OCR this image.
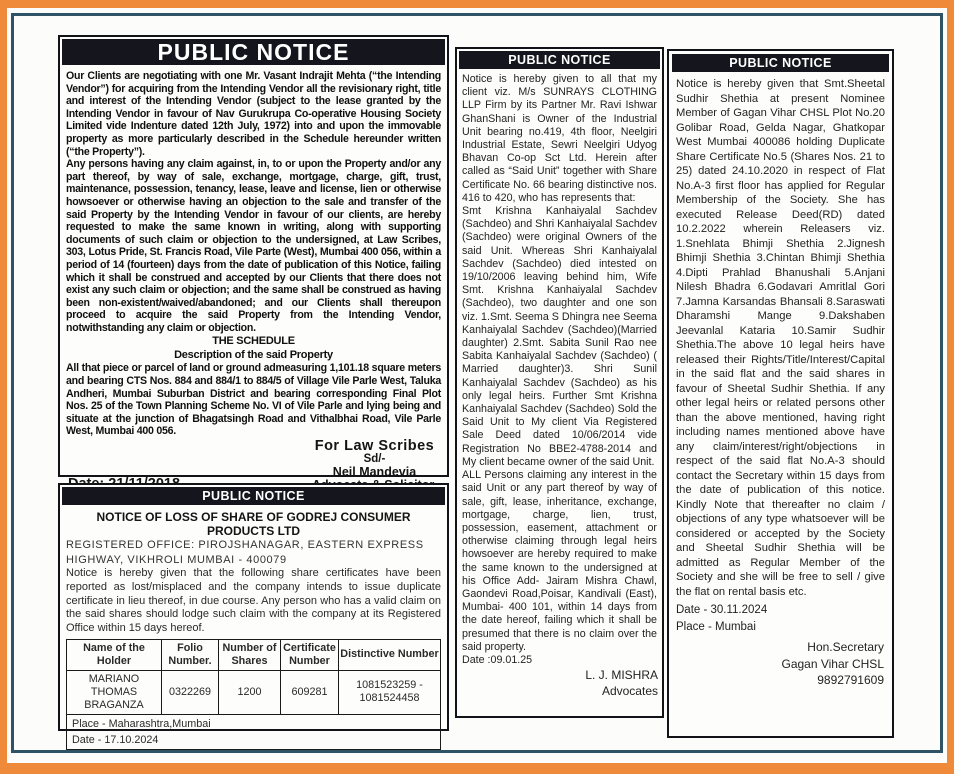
PUBLIC NOTICE

Our Clients are negotiating with one Mr. Vasant Indrajit Mehta (“the Intending Vendor”) for acquiring from the Intending Vendor all the revisionary right, title and interest of the Intending Vendor (subject to the lease granted by the Intending Vendor in favour of Nav Gurukrupa Co-operative Housing Society Limited vide Indenture dated 12th July, 1972) into and upon the immovable property as more particularly described in the Schedule hereunder written (“the Property”).

Any persons having any claim against, in, to or upon the Property and/or any part thereof, by way of sale, exchange, mortgage, charge, gift, trust, maintenance, possession, tenancy, lease, leave and license, lien or otherwise howsoever or otherwise having an objection to the sale and transfer of the said Property by the Intending Vendor in favour of our clients, are hereby requested to make the same known in writing, along with supporting documents of such claim or objection to the undersigned, at Law Scribes, 303, Lotus Pride, St. Francis Road, Vile Parte (West), Mumbai 400 056, within a period of 14 (fourteen) days from the date of publication of this Notice, failing which it shall be construed and accepted by our Clients that there does not exist any such claim or objection; and the same shall be construed as having been non-existent/waived/abandoned; and our Clients shall thereupon proceed to acquire the said Property from the Intending Vendor, notwithstanding any claim or objection.

THE SCHEDULE
Description of the said Property

All that piece or parcel of land or ground admeasuring 1,101.18 square meters and bearing CTS Nos. 884 and 884/1 to 884/5 of Village Vile Parle West, Taluka Andheri, Mumbai Suburban District and bearing corresponding Final Plot Nos. 25 of the Town Planning Scheme No. VI of Vile Parle and lying being and situate at the junction of Bhagatsingh Road and Vithalbhai Road, Vile Parle West, Mumbai 400 056.

For Law Scribes
Sd/-
Neil Mandevia
PUBLIC NOTICE
NOTICE OF LOSS OF SHARE OF GODREJ CONSUMER PRODUCTS LTD
REGISTERED OFFICE: PIROJSHANAGAR, EASTERN EXPRESS HIGHWAY, VIKHROLI MUMBAI - 400079

Notice is hereby given that the following share certificates have been reported as lost/misplaced and the company intends to issue duplicate certificate in lieu thereof, in due course. Any person who has a valid claim on the said shares should lodge such claim with the company at its Registered Office within 15 days hereof.

Name of the Holder	Folio Number.	Number of Shares	Certificate Number	Distinctive Number
MARIANO THOMAS BRAGANZA	0322269	1200	609281	1081523259 - 1081524458
Place - Maharashtra,Mumbai
Date - 17.10.2024
PUBLIC NOTICE

Notice is hereby given to all that my client viz. M/s SUNRAYS CLOTHING LLP Firm by its Partner Mr. Ravi Ishwar GhanShani is Owner of the Industrial Unit bearing no.419, 4th floor, Neelgiri Industrial Estate, Sewri Neelgiri Udyog Bhavan Co-op Sct Ltd. Herein after called as “Said Unit” together with Share Certificate No. 66 bearing distinctive nos. 416 to 420, who has represents that:

Smt Krishna Kanhaiyalal Sachdev (Sachdeo) and Shri Kanhaiyalal Sachdev (Sachdeo) were original Owners of the said Unit. Whereas Shri Kanhaiyalal Sachdev (Sachdeo) died intested on 19/10/2006 leaving behind him, Wife Smt. Krishna Kanhaiyalal Sachdev (Sachdeo), two daughter and one son viz. 1.Smt. Seema S Dhingra nee Seema Kanhaiyalal Sachdev (Sachdeo)(Married daughter) 2.Smt. Sabita Sunil Rao nee Sabita Kanhaiyalal Sachdev (Sachdeo) ( Married daughter)3. Shri Sunil Kanhaiyalal Sachdev (Sachdeo) as his only legal heirs. Further Smt Krishna Kanhaiyalal Sachdev (Sachdeo) Sold the Said Unit to My client Via Registered Sale Deed dated 10/06/2014 vide Registration No BBE2-4788-2014 and My client became owner of the said Unit.

ALL Persons claiming any interest in the said Unit or any part thereof by way of sale, gift, lease, inheritance, exchange, mortgage, charge, lien, trust, possession, easement, attachment or otherwise claiming through legal heirs howsoever are hereby required to make the same known to the undersigned at his Office Add- Jairam Mishra Chawl, Gaondevi Road,Poisar, Kandivali (East), Mumbai- 400 101, within 14 days from the date hereof, failing which it shall be presumed that there is no claim over the said property.

Date :09.01.25

L. J. MISHRA
Advocates
PUBLIC NOTICE

Notice is hereby given that Smt.Sheetal Sudhir Shethia at present Nominee Member of Gagan Vihar CHSL Plot No.20 Golibar Road, Gelda Nagar, Ghatkopar West Mumbai 400086 holding Duplicate Share Certificate No.5 (Shares Nos. 21 to 25) dated 24.10.2020 in respect of Flat No.A-3 first floor has applied for Regular Membership of the Society. She has executed Release Deed(RD) dated 10.2.2022 wherein Releasers viz. 1.Snehlata Bhimji Shethia 2.Jignesh Bhimji Shethia 3.Chintan Bhimji Shethia 4.Dipti Prahlad Bhanushali 5.Anjani Nilesh Bhadra 6.Godavari Amritlal Gori 7.Jamna Karsandas Bhansali 8.Saraswati Dharamshi Mange 9.Dakshaben Jeevanlal Kataria 10.Samir Sudhir Shethia.The above 10 legal heirs have released their Rights/Title/Interest/Capital in the said flat and the said shares in favour of Sheetal Sudhir Shethia. If any other legal heirs or related persons other than the above mentioned, having right including names mentioned above have any claim/interest/right/objections in respect of the said flat No.A-3 should contact the Secretary within 15 days from the date of publication of this notice. Kindly Note that thereafter no claim / objections of any type whatsoever will be considered or accepted by the Society and Sheetal Sudhir Shethia will be admitted as Regular Member of the Society and she will be free to sell / give the flat on rental basis etc.

Date - 30.11.2024
Place - Mumbai
Hon.Secretary
Gagan Vihar CHSL
9892791609
